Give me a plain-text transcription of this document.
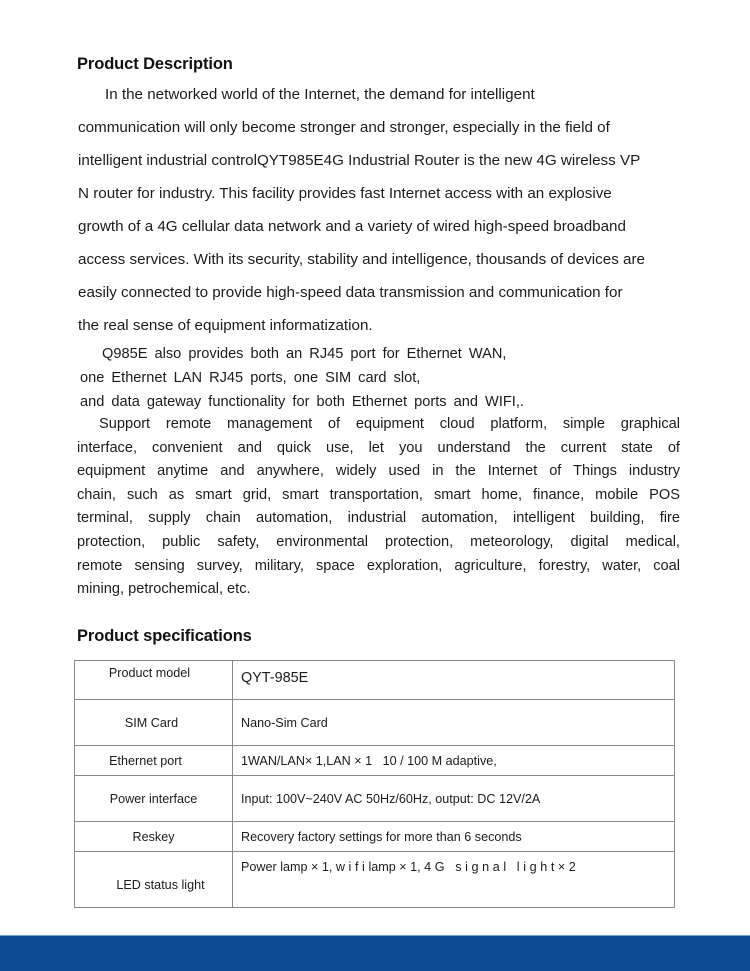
Product Description
In the networked world of the Internet, the demand for intelligent
communication will only become stronger and stronger, especially in the field of
intelligent industrial controlQYT985E4G Industrial Router is the new 4G wireless VP
N router for industry. This facility provides fast Internet access with an explosive
growth of a 4G cellular data network and a variety of wired high-speed broadband
access services. With its security, stability and intelligence, thousands of devices are
easily connected to provide high-speed data transmission and communication for
the real sense of equipment informatization.
Q985E also provides both an RJ45 port for Ethernet WAN,
one Ethernet LAN RJ45 ports, one SIM card slot,
and data gateway functionality for both Ethernet ports and WIFI,.
Support remote management of equipment cloud platform, simple graphical
interface, convenient and quick use, let you understand the current state of
equipment anytime and anywhere, widely used in the Internet of Things industry
chain, such as smart grid, smart transportation, smart home, finance, mobile POS
terminal, supply chain automation, industrial automation, intelligent building, fire
protection, public safety, environmental protection, meteorology, digital medical,
remote sensing survey, military, space exploration, agriculture, forestry, water, coal
mining, petrochemical, etc.
Product specifications
Product model	QYT-985E
SIM Card	Nano-Sim Card
Ethernet port	1WAN/LAN× 1,LAN × 1   10 / 100 M adaptive,
Power interface	Input: 100V~240V AC 50Hz/60Hz, output: DC 12V/2A
Reskey	Recovery factory settings for more than 6 seconds
LED status light	Power lamp × 1, wifilamp × 1, 4G signal light× 2
